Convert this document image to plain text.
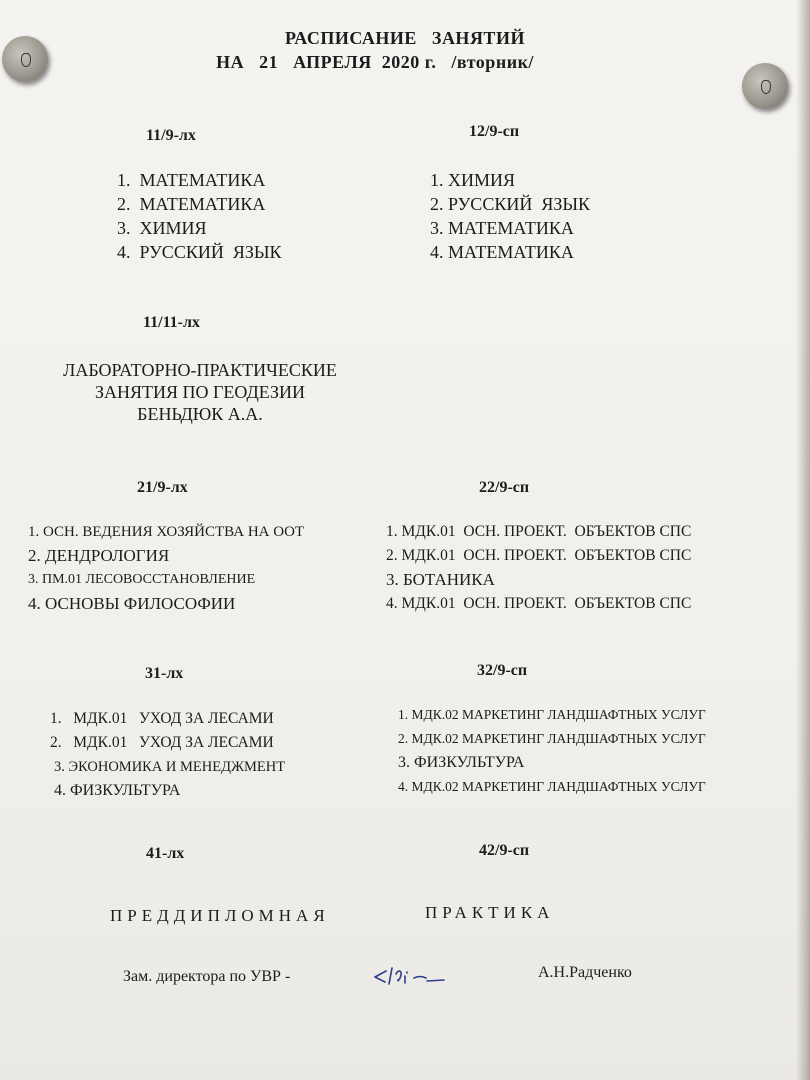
РАСПИСАНИЕ   ЗАНЯТИЙ
НА   21   АПРЕЛЯ  2020 г.   /вторник/
11/9-лх
1.  МАТЕМАТИКА
2.  МАТЕМАТИКА
3.  ХИМИЯ
4.  РУССКИЙ  ЯЗЫК
12/9-сп
1. ХИМИЯ
2. РУССКИЙ  ЯЗЫК
3. МАТЕМАТИКА
4. МАТЕМАТИКА
11/11-лх
ЛАБОРАТОРНО-ПРАКТИЧЕСКИЕ
ЗАНЯТИЯ ПО ГЕОДЕЗИИ
БЕНЬДЮК А.А.
21/9-лх
1. ОСН. ВЕДЕНИЯ ХОЗЯЙСТВА НА ООТ
2. ДЕНДРОЛОГИЯ
3. ПМ.01 ЛЕСОВОССТАНОВЛЕНИЕ
4. ОСНОВЫ ФИЛОСОФИИ
22/9-сп
1. МДК.01  ОСН. ПРОЕКТ.  ОБЪЕКТОВ СПС
2. МДК.01  ОСН. ПРОЕКТ.  ОБЪЕКТОВ СПС
3. БОТАНИКА
4. МДК.01  ОСН. ПРОЕКТ.  ОБЪЕКТОВ СПС
31-лх
1.   МДК.01   УХОД ЗА ЛЕСАМИ
2.   МДК.01   УХОД ЗА ЛЕСАМИ
3. ЭКОНОМИКА И МЕНЕДЖМЕНТ
4. ФИЗКУЛЬТУРА
32/9-сп
1. МДК.02 МАРКЕТИНГ ЛАНДШАФТНЫХ УСЛУГ
2. МДК.02 МАРКЕТИНГ ЛАНДШАФТНЫХ УСЛУГ
3. ФИЗКУЛЬТУРА
4. МДК.02 МАРКЕТИНГ ЛАНДШАФТНЫХ УСЛУГ
41-лх	42/9-сп
ПРЕДДИПЛОМНАЯ	ПРАКТИКА
Зам. директора по УВР -	А.Н.Радченко
